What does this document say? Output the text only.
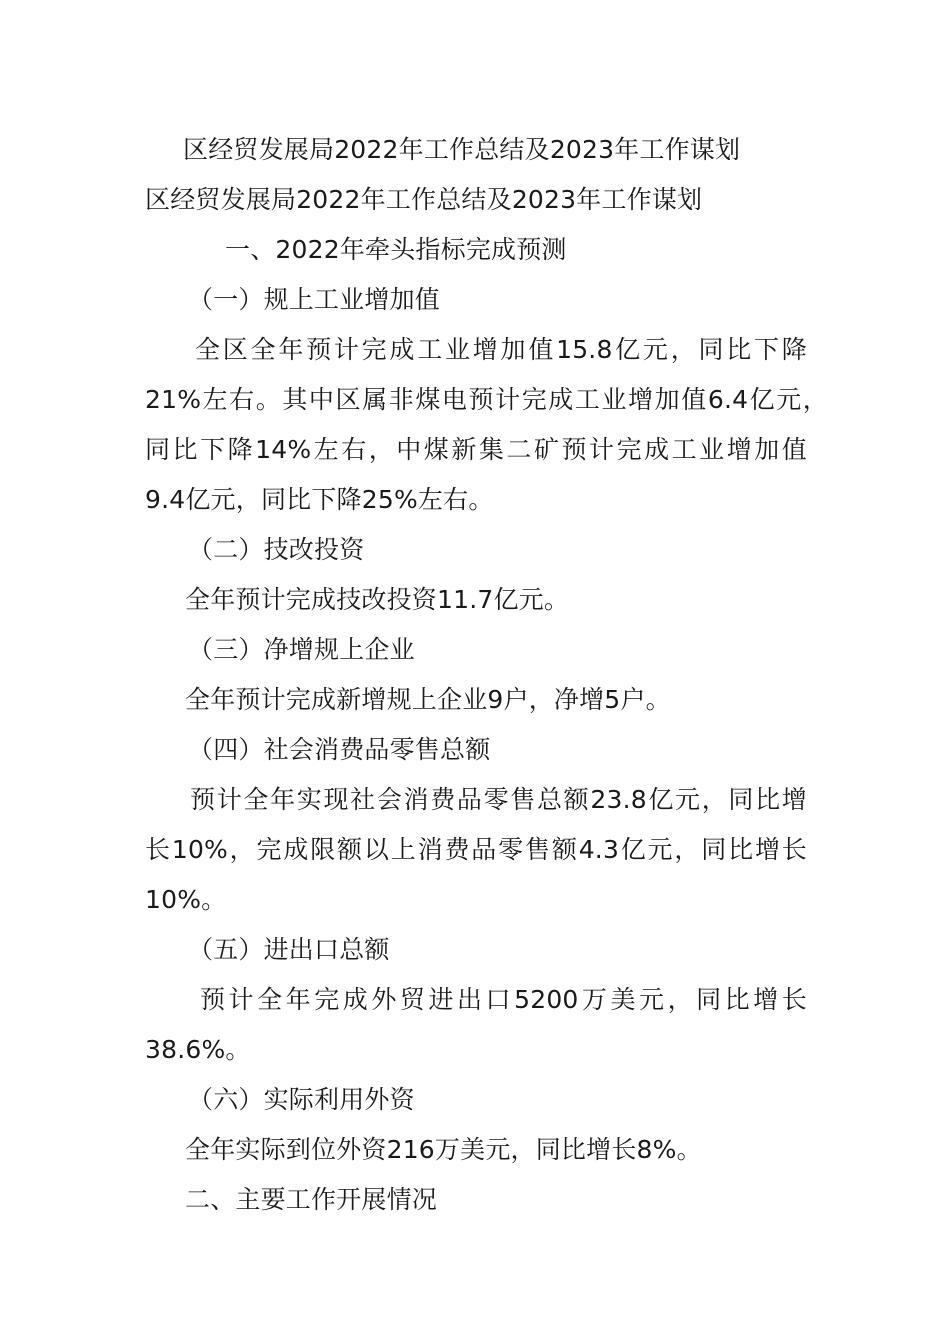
区经贸发展局2022年工作总结及2023年工作谋划
区经贸发展局2022年工作总结及2023年工作谋划
一、2022年牵头指标完成预测
（一）规上工业增加值
全区全年预计完成工业增加值15.8亿元，同比下降
21%左右。其中区属非煤电预计完成工业增加值6.4亿元，
同比下降14%左右，中煤新集二矿预计完成工业增加值
9.4亿元，同比下降25%左右。
（二）技改投资
全年预计完成技改投资11.7亿元。
（三）净增规上企业
全年预计完成新增规上企业9户，净增5户。
（四）社会消费品零售总额
预计全年实现社会消费品零售总额23.8亿元，同比增
长10%，完成限额以上消费品零售额4.3亿元，同比增长
10%。
（五）进出口总额
预计全年完成外贸进出口5200万美元，同比增长
38.6%。
（六）实际利用外资
全年实际到位外资216万美元，同比增长8%。
二、主要工作开展情况
